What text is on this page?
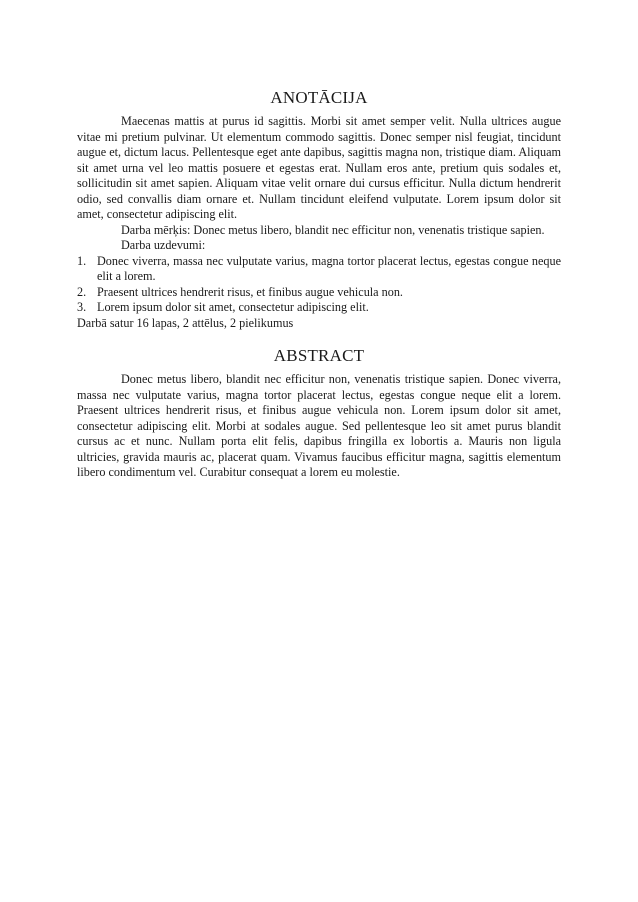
ANOTĀCIJA

Maecenas mattis at purus id sagittis. Morbi sit amet semper velit. Nulla ultrices augue vitae mi pretium pulvinar. Ut elementum commodo sagittis. Donec semper nisl feugiat, tincidunt augue et, dictum lacus. Pellentesque eget ante dapibus, sagittis magna non, tristique diam. Aliquam sit amet urna vel leo mattis posuere et egestas erat. Nullam eros ante, pretium quis sodales et, sollicitudin sit amet sapien. Aliquam vitae velit ornare dui cursus efficitur. Nulla dictum hendrerit odio, sed convallis diam ornare et. Nullam tincidunt eleifend vulputate. Lorem ipsum dolor sit amet, consectetur adipiscing elit.

Darba mērķis: Donec metus libero, blandit nec efficitur non, venenatis tristique sapien.

Darba uzdevumi:

1. Donec viverra, massa nec vulputate varius, magna tortor placerat lectus, egestas congue neque elit a lorem.
2. Praesent ultrices hendrerit risus, et finibus augue vehicula non.
3. Lorem ipsum dolor sit amet, consectetur adipiscing elit.

Darbā satur 16 lapas, 2 attēlus, 2 pielikumus

ABSTRACT

Donec metus libero, blandit nec efficitur non, venenatis tristique sapien. Donec viverra, massa nec vulputate varius, magna tortor placerat lectus, egestas congue neque elit a lorem. Praesent ultrices hendrerit risus, et finibus augue vehicula non. Lorem ipsum dolor sit amet, consectetur adipiscing elit. Morbi at sodales augue. Sed pellentesque leo sit amet purus blandit cursus ac et nunc. Nullam porta elit felis, dapibus fringilla ex lobortis a. Mauris non ligula ultricies, gravida mauris ac, placerat quam. Vivamus faucibus efficitur magna, sagittis elementum libero condimentum vel. Curabitur consequat a lorem eu molestie.
